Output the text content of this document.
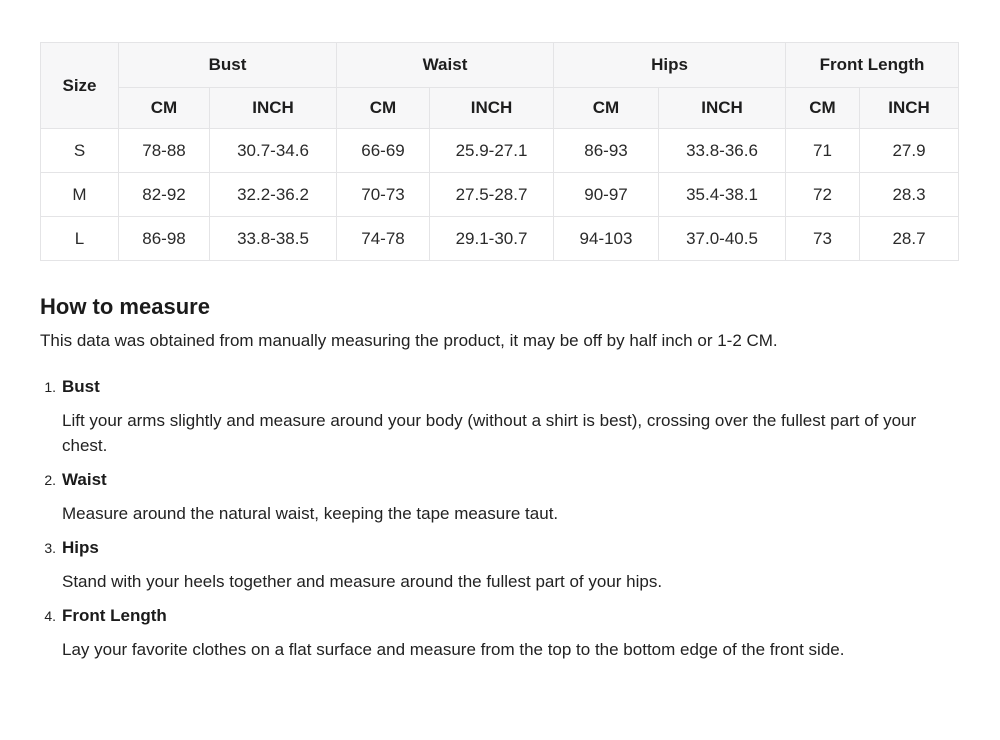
Size	Bust		Waist		Hips		Front Length	
	CM	INCH	CM	INCH	CM	INCH	CM	INCH
S	78-88	30.7-34.6	66-69	25.9-27.1	86-93	33.8-36.6	71	27.9
M	82-92	32.2-36.2	70-73	27.5-28.7	90-97	35.4-38.1	72	28.3
L	86-98	33.8-38.5	74-78	29.1-30.7	94-103	37.0-40.5	73	28.7
How to measure

This data was obtained from manually measuring the product, it may be off by half inch or 1-2 CM.

Bust

Lift your arms slightly and measure around your body (without a shirt is best), crossing over the fullest part of your chest.

Waist

Measure around the natural waist, keeping the tape measure taut.

Hips

Stand with your heels together and measure around the fullest part of your hips.

Front Length

Lay your favorite clothes on a flat surface and measure from the top to the bottom edge of the front side.
